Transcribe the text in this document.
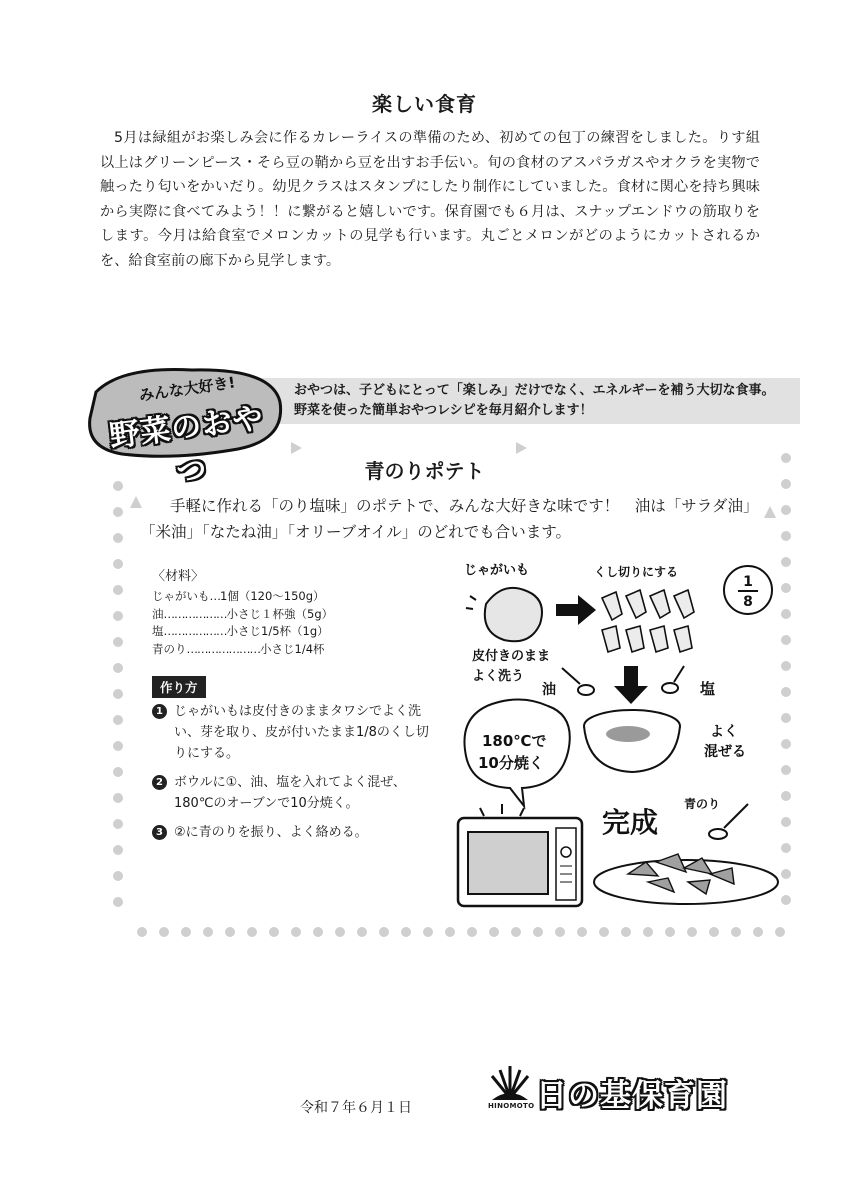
楽しい食育

5月は緑組がお楽しみ会に作るカレーライスの準備のため、初めての包丁の練習をしました。りす組以上はグリーンピース・そら豆の鞘から豆を出すお手伝い。旬の食材のアスパラガスやオクラを実物で触ったり匂いをかいだり。幼児クラスはスタンプにしたり制作にしていました。食材に関心を持ち興味から実際に食べてみよう！！に繋がると嬉しいです。保育園でも６月は、スナップエンドウの筋取りをします。今月は給食室でメロンカットの見学も行います。丸ごとメロンがどのようにカットされるかを、給食室前の廊下から見学します。

おやつは、子どもにとって「楽しみ」だけでなく、エネルギーを補う大切な食事。
野菜を使った簡単おやつレシピを毎月紹介します！
みんな大好き!
野菜のおやつ	青のりポテト

手軽に作れる「のり塩味」のポテトで、みんな大好きな味です！　油は「サラダ油」「米油」「なたね油」「オリーブオイル」のどれでも合います。

〈材料〉
じゃがいも…1個（120～150g）
油………………小さじ１杯強（5g）
塩………………小さじ1/5杯（1g）
青のり…………………小さじ1/4杯
作り方
1 じゃがいもは皮付きのままタワシでよく洗い、芽を取り、皮が付いたまま1/8のくし切りにする。
2 ボウルに①、油、塩を入れてよく混ぜ、180℃のオーブンで10分焼く。
3 ②に青のりを振り、よく絡める。
じゃがいも	くし切りにする
1
8
皮付きのまま
よく洗う
油	塩
よく
混ぜる
180℃で
10分焼く
完成
青のり
令和７年６月１日	HINOMOTO 日の基保育園
